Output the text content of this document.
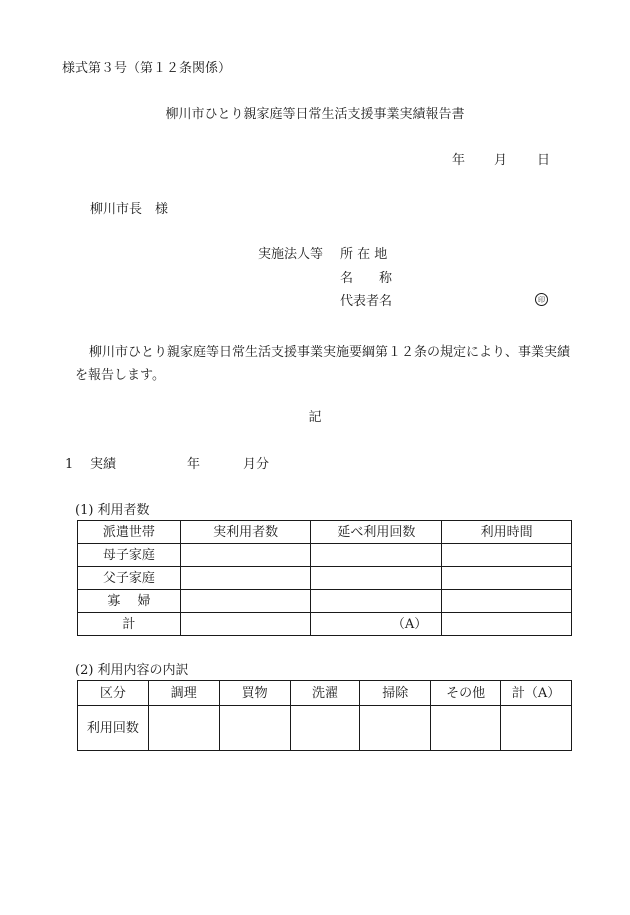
様式第３号（第１２条関係）
柳川市ひとり親家庭等日常生活支援事業実績報告書
年 月 日
柳川市長　様
実施法人等 所 在 地
名　　称
代表者名	印
柳川市ひとり親家庭等日常生活支援事業実施要綱第１２条の規定により、事業実績を報告します。
記
1 実績	年	月分
(1) 利用者数
派遣世帯	実利用者数	延べ利用回数	利用時間
母子家庭			
父子家庭			
寡　 婦			
計		（A）	
(2) 利用内容の内訳
区分	調理	買物	洗濯	掃除	その他	計（A）
利用回数						
